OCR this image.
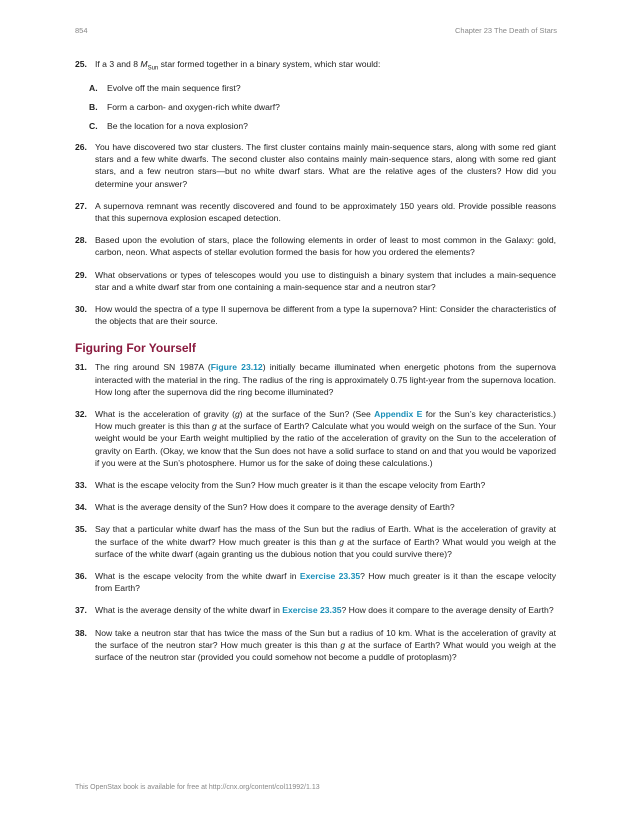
854	Chapter 23 The Death of Stars
25. If a 3 and 8 $M_{Sun}$ star formed together in a binary system, which star would:
A. Evolve off the main sequence first?
B. Form a carbon- and oxygen-rich white dwarf?
C. Be the location for a nova explosion?
26. You have discovered two star clusters. The first cluster contains mainly main-sequence stars, along with some red giant stars and a few white dwarfs. The second cluster also contains mainly main-sequence stars, along with some red giant stars, and a few neutron stars—but no white dwarf stars. What are the relative ages of the clusters? How did you determine your answer?
27. A supernova remnant was recently discovered and found to be approximately 150 years old. Provide possible reasons that this supernova explosion escaped detection.
28. Based upon the evolution of stars, place the following elements in order of least to most common in the Galaxy: gold, carbon, neon. What aspects of stellar evolution formed the basis for how you ordered the elements?
29. What observations or types of telescopes would you use to distinguish a binary system that includes a main-sequence star and a white dwarf star from one containing a main-sequence star and a neutron star?
30. How would the spectra of a type II supernova be different from a type Ia supernova? Hint: Consider the characteristics of the objects that are their source.
Figuring For Yourself
31. The ring around SN 1987A (Figure 23.12) initially became illuminated when energetic photons from the supernova interacted with the material in the ring. The radius of the ring is approximately 0.75 light-year from the supernova location. How long after the supernova did the ring become illuminated?
32. What is the acceleration of gravity (g) at the surface of the Sun? (See Appendix E for the Sun’s key characteristics.) How much greater is this than g at the surface of Earth? Calculate what you would weigh on the surface of the Sun. Your weight would be your Earth weight multiplied by the ratio of the acceleration of gravity on the Sun to the acceleration of gravity on Earth. (Okay, we know that the Sun does not have a solid surface to stand on and that you would be vaporized if you were at the Sun’s photosphere. Humor us for the sake of doing these calculations.)
33. What is the escape velocity from the Sun? How much greater is it than the escape velocity from Earth?
34. What is the average density of the Sun? How does it compare to the average density of Earth?
35. Say that a particular white dwarf has the mass of the Sun but the radius of Earth. What is the acceleration of gravity at the surface of the white dwarf? How much greater is this than g at the surface of Earth? What would you weigh at the surface of the white dwarf (again granting us the dubious notion that you could survive there)?
36. What is the escape velocity from the white dwarf in Exercise 23.35? How much greater is it than the escape velocity from Earth?
37. What is the average density of the white dwarf in Exercise 23.35? How does it compare to the average density of Earth?
38. Now take a neutron star that has twice the mass of the Sun but a radius of 10 km. What is the acceleration of gravity at the surface of the neutron star? How much greater is this than g at the surface of Earth? What would you weigh at the surface of the neutron star (provided you could somehow not become a puddle of protoplasm)?
This OpenStax book is available for free at http://cnx.org/content/col11992/1.13
